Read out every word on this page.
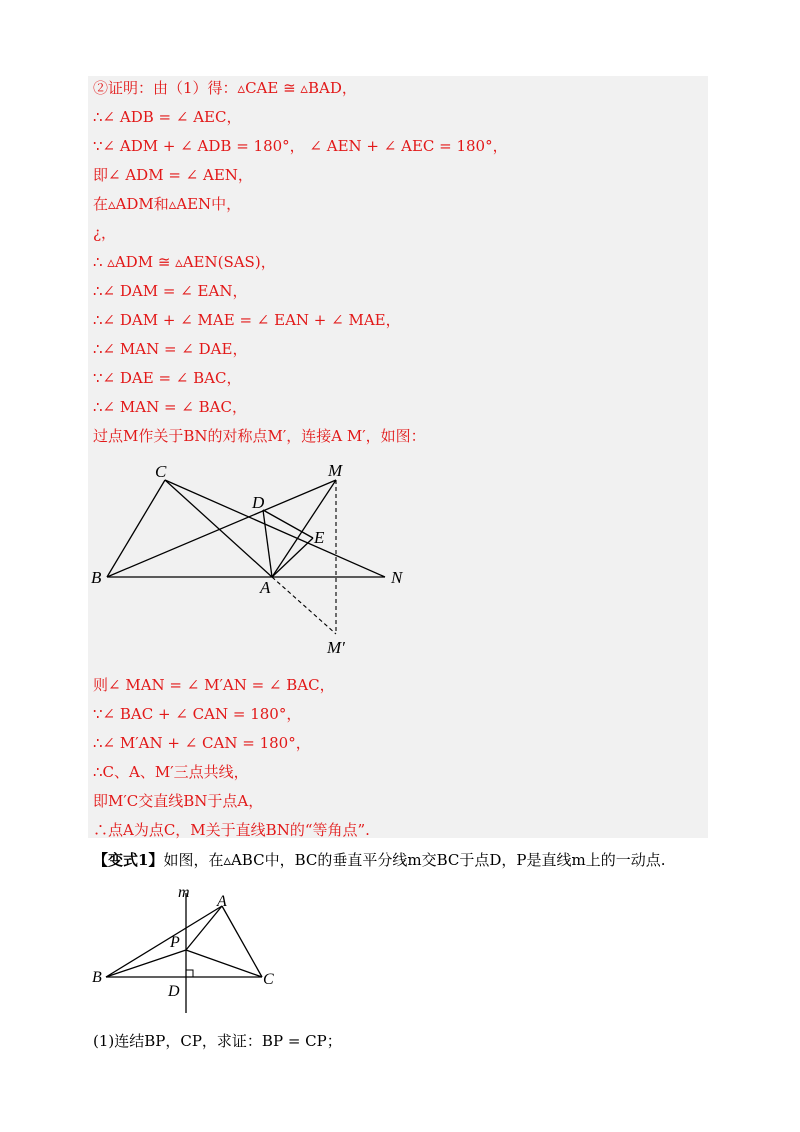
②证明：由（1）得：▵CAE ≅ ▵BAD，
∴∠ ADB = ∠ AEC，
∵∠ ADM + ∠ ADB = 180°， ∠ AEN + ∠ AEC = 180°，
即∠ ADM = ∠ AEN，
在▵ADM和▵AEN中，
¿，
∴ ▵ADM ≅ ▵AEN(SAS)，
∴∠ DAM = ∠ EAN，
∴∠ DAM + ∠ MAE = ∠ EAN + ∠ MAE，
∴∠ MAN = ∠ DAE，
∵∠ DAE = ∠ BAC，
∴∠ MAN = ∠ BAC，
过点M作关于BN的对称点M′，连接A M′，如图：
C	M
D
E
B
A
N
M′
则∠ MAN = ∠ M′AN = ∠ BAC，
∵∠ BAC + ∠ CAN = 180°，
∴∠ M′AN + ∠ CAN = 180°，
∴C、A、M′三点共线，
即M′C交直线BN于点A，
∴点A为点C，M关于直线BN的“等角点”.
【变式1】如图，在▵ABC中，BC的垂直平分线m交BC于点D，P是直线m上的一动点.
m
A
P
B
D
C
(1)连结BP，CP，求证：BP = CP；
